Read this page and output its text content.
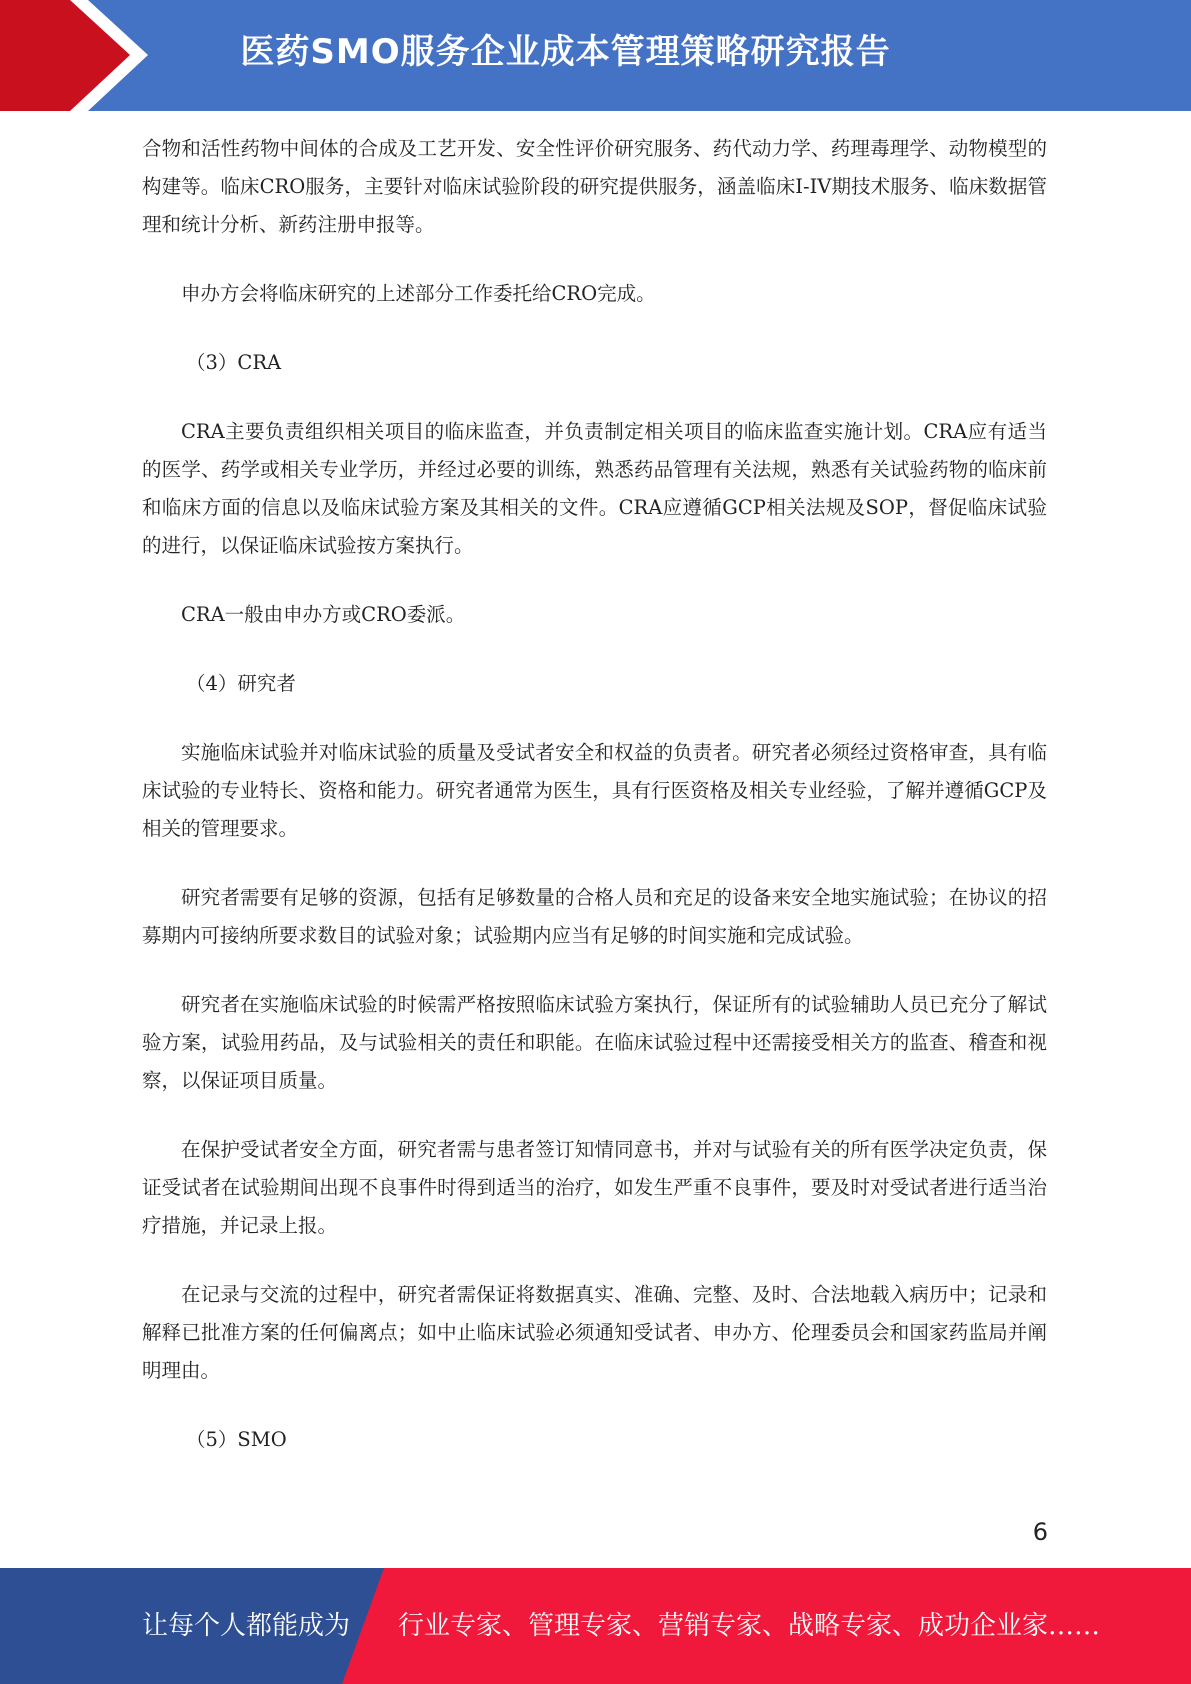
医药SMO服务企业成本管理策略研究报告

合物和活性药物中间体的合成及工艺开发、安全性评价研究服务、药代动力学、药理毒理学、动物模型的构建等。临床CRO服务，主要针对临床试验阶段的研究提供服务，涵盖临床I-IV期技术服务、临床数据管理和统计分析、新药注册申报等。

申办方会将临床研究的上述部分工作委托给CRO完成。

（3）CRA

CRA主要负责组织相关项目的临床监查，并负责制定相关项目的临床监查实施计划。CRA应有适当的医学、药学或相关专业学历，并经过必要的训练，熟悉药品管理有关法规，熟悉有关试验药物的临床前和临床方面的信息以及临床试验方案及其相关的文件。CRA应遵循GCP相关法规及SOP，督促临床试验的进行，以保证临床试验按方案执行。

CRA一般由申办方或CRO委派。

（4）研究者

实施临床试验并对临床试验的质量及受试者安全和权益的负责者。研究者必须经过资格审查，具有临床试验的专业特长、资格和能力。研究者通常为医生，具有行医资格及相关专业经验，了解并遵循GCP及相关的管理要求。

研究者需要有足够的资源，包括有足够数量的合格人员和充足的设备来安全地实施试验；在协议的招募期内可接纳所要求数目的试验对象；试验期内应当有足够的时间实施和完成试验。

研究者在实施临床试验的时候需严格按照临床试验方案执行，保证所有的试验辅助人员已充分了解试验方案，试验用药品，及与试验相关的责任和职能。在临床试验过程中还需接受相关方的监查、稽查和视察，以保证项目质量。

在保护受试者安全方面，研究者需与患者签订知情同意书，并对与试验有关的所有医学决定负责，保证受试者在试验期间出现不良事件时得到适当的治疗，如发生严重不良事件，要及时对受试者进行适当治疗措施，并记录上报。

在记录与交流的过程中，研究者需保证将数据真实、准确、完整、及时、合法地载入病历中；记录和解释已批准方案的任何偏离点；如中止临床试验必须通知受试者、申办方、伦理委员会和国家药监局并阐明理由。

（5）SMO

6
让每个人都能成为 行业专家、管理专家、营销专家、战略专家、成功企业家……
